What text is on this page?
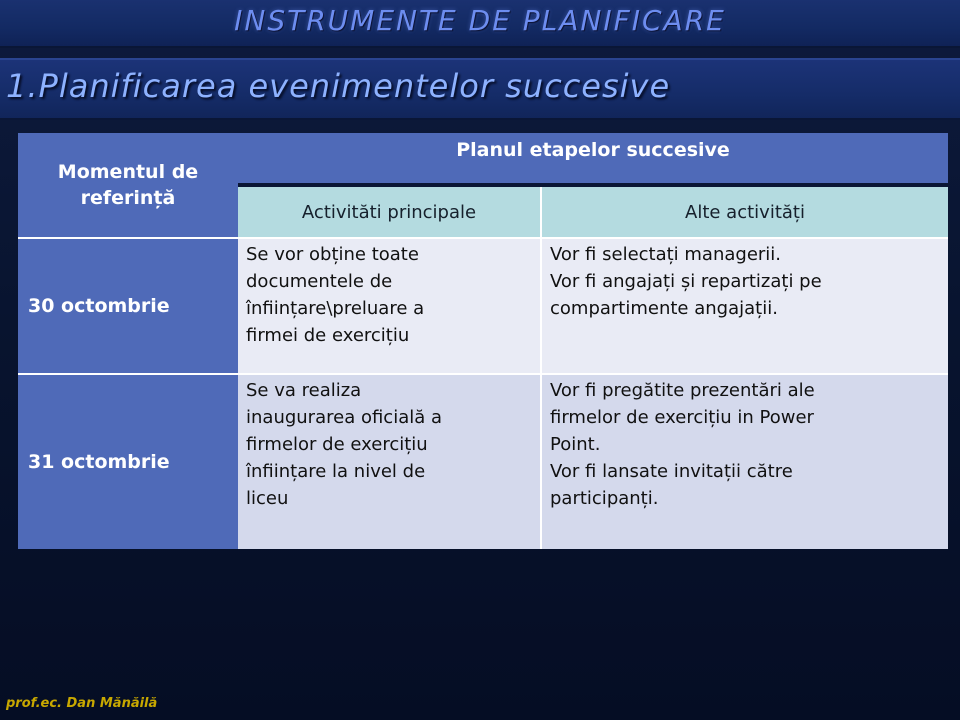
INSTRUMENTE DE PLANIFICARE
1.Planificarea evenimentelor succesive
Momentul de referință
Planul etapelor succesive
Activităti principale	Alte activități
30 octombrie
Se vor obține toate
documentele de
înființare\preluare a
firmei de exercițiu
Vor fi selectați managerii.
Vor fi angajați și repartizați pe
compartimente angajații.
31 octombrie
Se va realiza
inaugurarea oficială a
firmelor de exercițiu
înființare la nivel de
liceu
Vor fi pregătite prezentări ale
firmelor de exercițiu in Power
Point.
Vor fi lansate invitații către
participanți.
prof.ec. Dan Mănăilă
